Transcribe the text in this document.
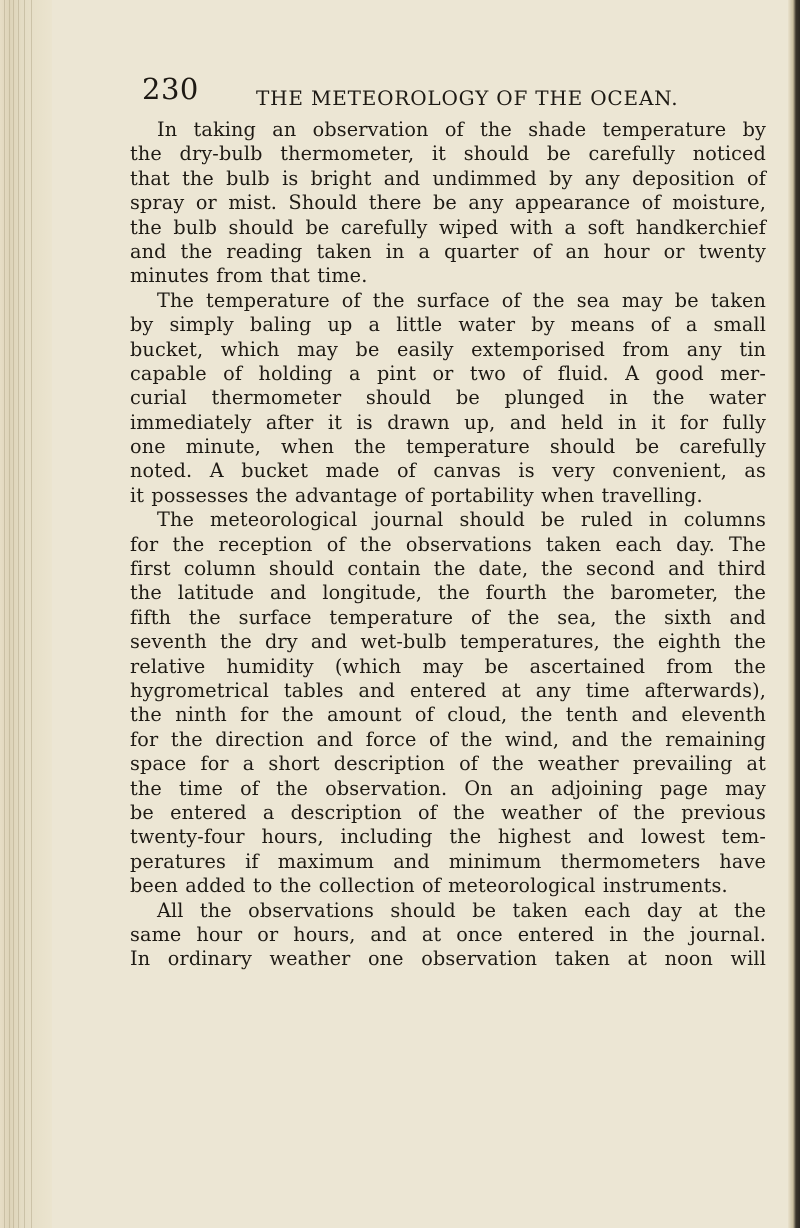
230	THE METEOROLOGY OF THE OCEAN.
In taking an observation of the shade temperature by
the dry-bulb thermometer, it should be carefully noticed
that the bulb is bright and undimmed by any deposition of
spray or mist. Should there be any appearance of moisture,
the bulb should be carefully wiped with a soft handkerchief
and the reading taken in a quarter of an hour or twenty
minutes from that time.
The temperature of the surface of the sea may be taken
by simply baling up a little water by means of a small
bucket, which may be easily extemporised from any tin
capable of holding a pint or two of fluid. A good mer-
curial thermometer should be plunged in the water
immediately after it is drawn up, and held in it for fully
one minute, when the temperature should be carefully
noted. A bucket made of canvas is very convenient, as
it possesses the advantage of portability when travelling.
The meteorological journal should be ruled in columns
for the reception of the observations taken each day. The
first column should contain the date, the second and third
the latitude and longitude, the fourth the barometer, the
fifth the surface temperature of the sea, the sixth and
seventh the dry and wet-bulb temperatures, the eighth the
relative humidity (which may be ascertained from the
hygrometrical tables and entered at any time afterwards),
the ninth for the amount of cloud, the tenth and eleventh
for the direction and force of the wind, and the remaining
space for a short description of the weather prevailing at
the time of the observation. On an adjoining page may
be entered a description of the weather of the previous
twenty-four hours, including the highest and lowest tem-
peratures if maximum and minimum thermometers have
been added to the collection of meteorological instruments.
All the observations should be taken each day at the
same hour or hours, and at once entered in the journal.
In ordinary weather one observation taken at noon will
